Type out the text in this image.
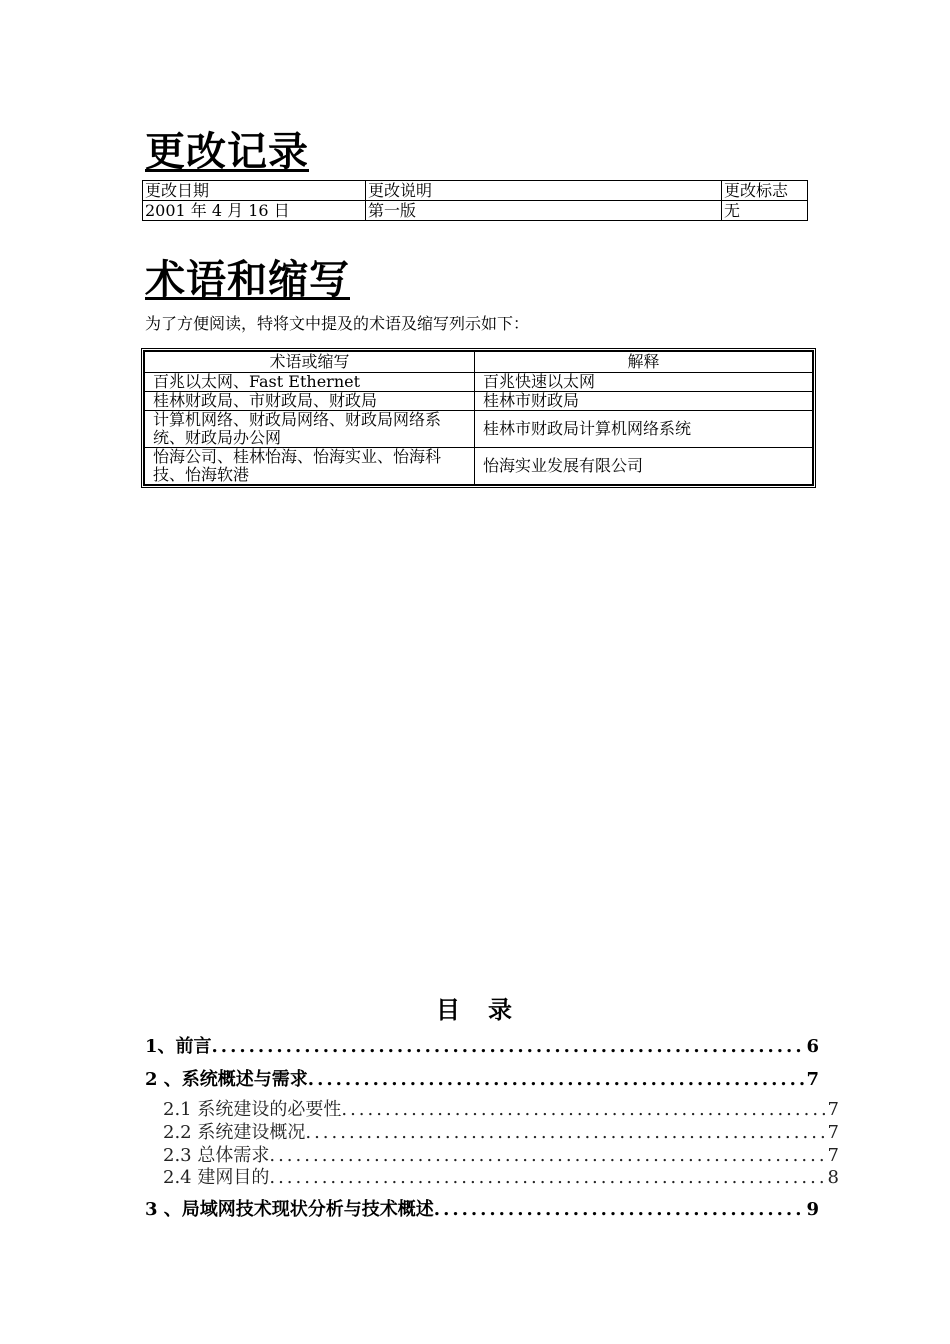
更改记录
更改日期	更改说明	更改标志
2001 年 4 月 16 日	第一版	无
术语和缩写
为了方便阅读，特将文中提及的术语及缩写列示如下：
术语或缩写	解释
百兆以太网、Fast Ethernet	百兆快速以太网
桂林财政局、市财政局、财政局	桂林市财政局
计算机网络、财政局网络、财政局网络系统、财政局办公网	桂林市财政局计算机网络系统
怡海公司、桂林怡海、怡海实业、怡海科技、怡海软港	怡海实业发展有限公司
目　录
1、前言 .....	6
2 、系统概述与需求 .....	7
2.1 系统建设的必要性 .....	7
2.2 系统建设概况 .....	7
2.3 总体需求 .....	7
2.4 建网目的 .....	8
3 、局域网技术现状分析与技术概述 .....	9
